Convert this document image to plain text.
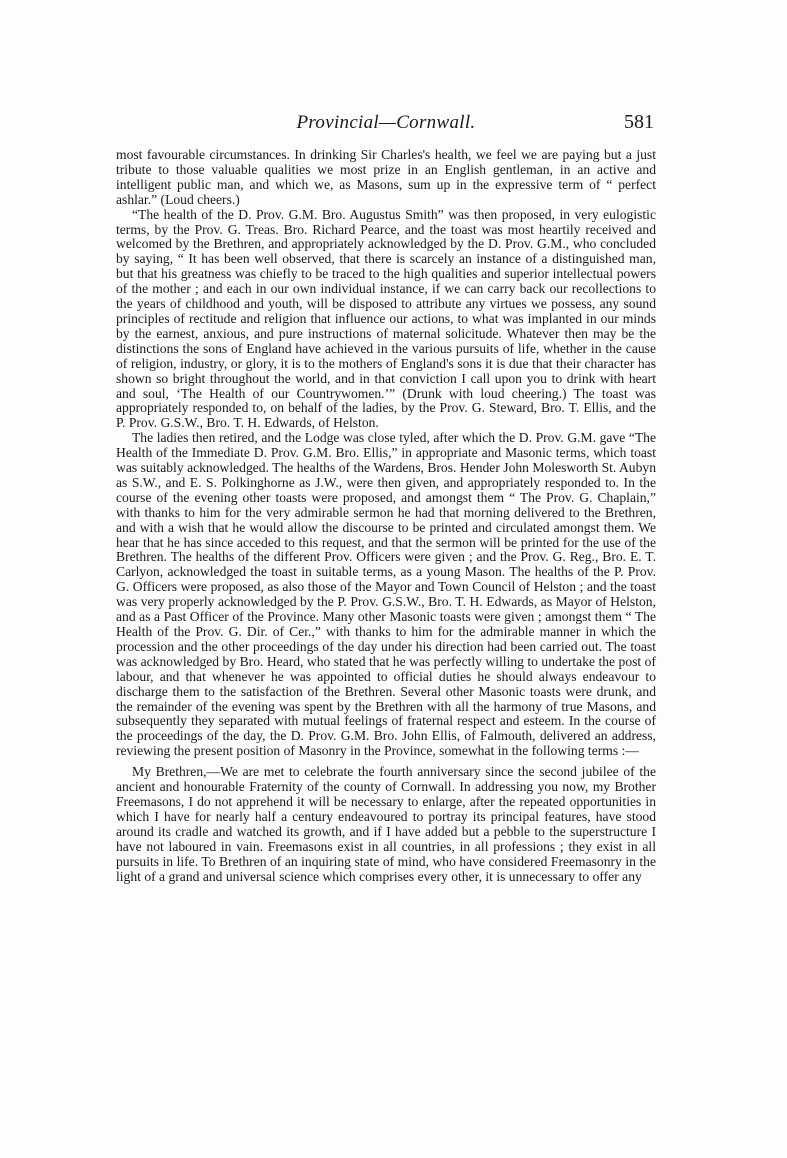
Provincial—Cornwall.	581

most favourable circumstances. In drinking Sir Charles's health, we feel we are paying but a just tribute to those valuable qualities we most prize in an English gentleman, in an active and intelligent public man, and which we, as Masons, sum up in the expressive term of “ perfect ashlar.” (Loud cheers.)

“The health of the D. Prov. G.M. Bro. Augustus Smith” was then proposed, in very eulogistic terms, by the Prov. G. Treas. Bro. Richard Pearce, and the toast was most heartily received and welcomed by the Brethren, and appropriately acknowledged by the D. Prov. G.M., who concluded by saying, “ It has been well observed, that there is scarcely an instance of a distinguished man, but that his greatness was chiefly to be traced to the high qualities and superior intellectual powers of the mother ; and each in our own individual instance, if we can carry back our recollections to the years of childhood and youth, will be disposed to attribute any virtues we possess, any sound principles of rectitude and religion that influence our actions, to what was implanted in our minds by the earnest, anxious, and pure instructions of maternal solicitude. Whatever then may be the distinctions the sons of England have achieved in the various pursuits of life, whether in the cause of religion, industry, or glory, it is to the mothers of England's sons it is due that their character has shown so bright throughout the world, and in that conviction I call upon you to drink with heart and soul, ‘The Health of our Countrywomen.’” (Drunk with loud cheering.) The toast was appropriately responded to, on behalf of the ladies, by the Prov. G. Steward, Bro. T. Ellis, and the P. Prov. G.S.W., Bro. T. H. Edwards, of Helston.

The ladies then retired, and the Lodge was close tyled, after which the D. Prov. G.M. gave “The Health of the Immediate D. Prov. G.M. Bro. Ellis,” in appropriate and Masonic terms, which toast was suitably acknowledged. The healths of the Wardens, Bros. Hender John Molesworth St. Aubyn as S.W., and E. S. Polkinghorne as J.W., were then given, and appropriately responded to. In the course of the evening other toasts were proposed, and amongst them “ The Prov. G. Chaplain,” with thanks to him for the very admirable sermon he had that morning delivered to the Brethren, and with a wish that he would allow the discourse to be printed and circulated amongst them. We hear that he has since acceded to this request, and that the sermon will be printed for the use of the Brethren. The healths of the different Prov. Officers were given ; and the Prov. G. Reg., Bro. E. T. Carlyon, acknowledged the toast in suitable terms, as a young Mason. The healths of the P. Prov. G. Officers were proposed, as also those of the Mayor and Town Council of Helston ; and the toast was very properly acknowledged by the P. Prov. G.S.W., Bro. T. H. Edwards, as Mayor of Helston, and as a Past Officer of the Province. Many other Masonic toasts were given ; amongst them “ The Health of the Prov. G. Dir. of Cer.,” with thanks to him for the admirable manner in which the procession and the other proceedings of the day under his direction had been carried out. The toast was acknowledged by Bro. Heard, who stated that he was perfectly willing to undertake the post of labour, and that whenever he was appointed to official duties he should always endeavour to discharge them to the satisfaction of the Brethren. Several other Masonic toasts were drunk, and the remainder of the evening was spent by the Brethren with all the harmony of true Masons, and subsequently they separated with mutual feelings of fraternal respect and esteem. In the course of the proceedings of the day, the D. Prov. G.M. Bro. John Ellis, of Falmouth, delivered an address, reviewing the present position of Masonry in the Province, somewhat in the following terms :—

My Brethren,—We are met to celebrate the fourth anniversary since the second jubilee of the ancient and honourable Fraternity of the county of Cornwall. In addressing you now, my Brother Freemasons, I do not apprehend it will be necessary to enlarge, after the repeated opportunities in which I have for nearly half a century endeavoured to portray its principal features, have stood around its cradle and watched its growth, and if I have added but a pebble to the superstructure I have not laboured in vain. Freemasons exist in all countries, in all professions ; they exist in all pursuits in life. To Brethren of an inquiring state of mind, who have considered Freemasonry in the light of a grand and universal science which comprises every other, it is unnecessary to offer any
